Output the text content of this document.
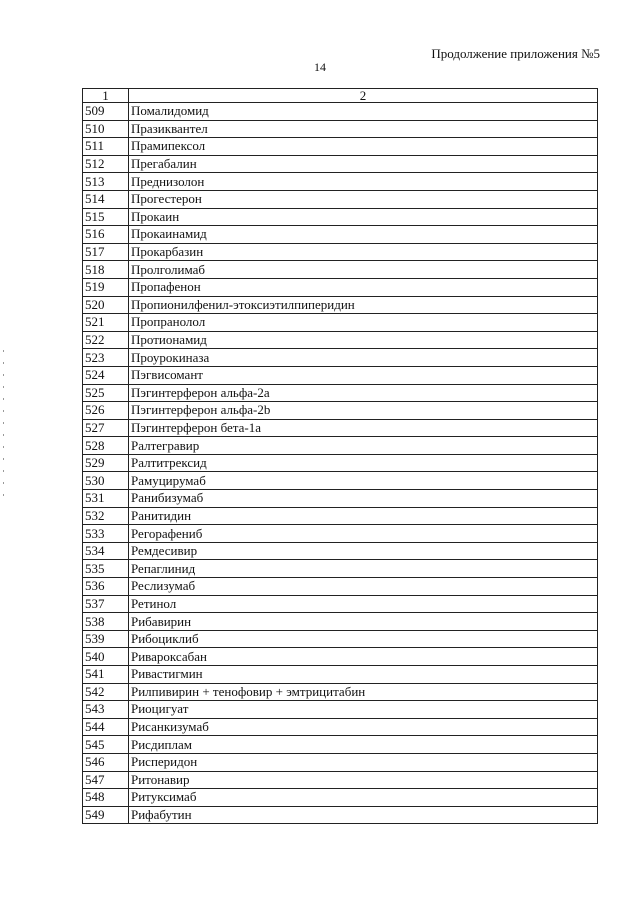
Продолжение приложения №5
14
1	2
509	Помалидомид
510	Празиквантел
511	Прамипексол
512	Прегабалин
513	Преднизолон
514	Прогестерон
515	Прокаин
516	Прокаинамид
517	Прокарбазин
518	Пролголимаб
519	Пропафенон
520	Пропионилфенил-этоксиэтилпиперидин
521	Пропранолол
522	Протионамид
523	Проурокиназа
524	Пэгвисомант
525	Пэгинтерферон альфа-2а
526	Пэгинтерферон альфа-2b
527	Пэгинтерферон бета-1а
528	Ралтегравир
529	Ралтитрексид
530	Рамуцирумаб
531	Ранибизумаб
532	Ранитидин
533	Регорафениб
534	Ремдесивир
535	Репаглинид
536	Реслизумаб
537	Ретинол
538	Рибавирин
539	Рибоциклиб
540	Ривароксабан
541	Ривастигмин
542	Рилпивирин + тенофовир + эмтрицитабин
543	Риоцигуат
544	Рисанкизумаб
545	Рисдиплам
546	Рисперидон
547	Ритонавир
548	Ритуксимаб
549	Рифабутин
